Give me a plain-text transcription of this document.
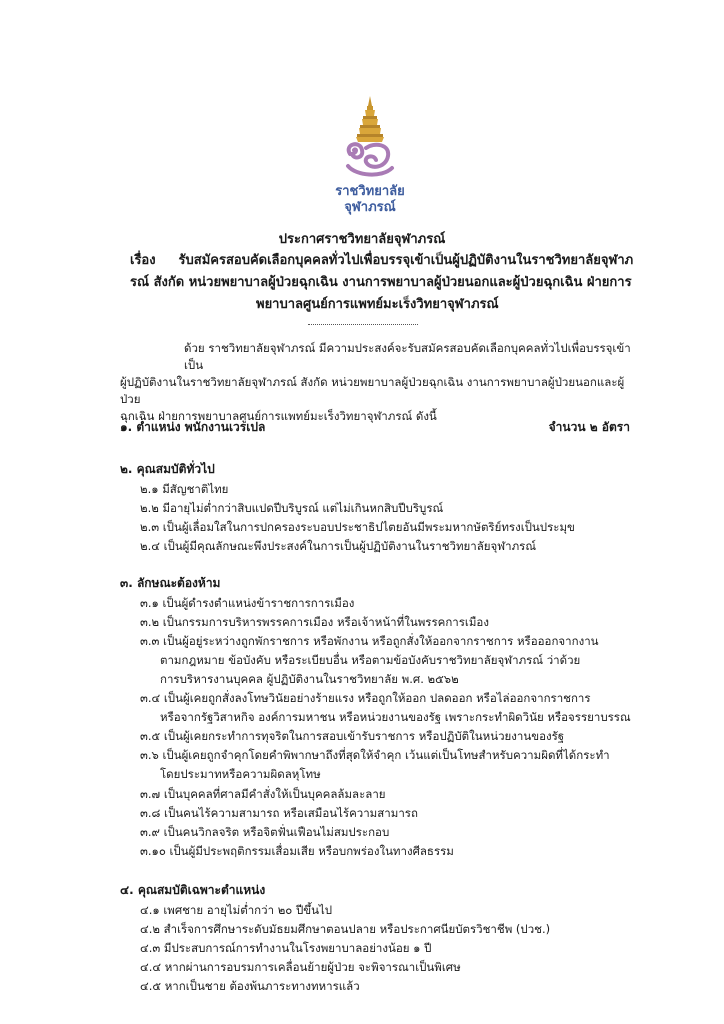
ราชวิทยาลัย
จุฬาภรณ์
ประกาศราชวิทยาลัยจุฬาภรณ์
เรื่อง รับสมัครสอบคัดเลือกบุคคลทั่วไปเพื่อบรรจุเข้าเป็นผู้ปฏิบัติงานในราชวิทยาลัยจุฬาภ
รณ์ สังกัด หน่วยพยาบาลผู้ป่วยฉุกเฉิน งานการพยาบาลผู้ป่วยนอกและผู้ป่วยฉุกเฉิน ฝ่ายการ
พยาบาลศูนย์การแพทย์มะเร็งวิทยาจุฬาภรณ์

ด้วย ราชวิทยาลัยจุฬาภรณ์ มีความประสงค์จะรับสมัครสอบคัดเลือกบุคคลทั่วไปเพื่อบรรจุเข้าเป็น

ผู้ปฏิบัติงานในราชวิทยาลัยจุฬาภรณ์ สังกัด หน่วยพยาบาลผู้ป่วยฉุกเฉิน งานการพยาบาลผู้ป่วยนอกและผู้ป่วย

ฉุกเฉิน ฝ่ายการพยาบาลศูนย์การแพทย์มะเร็งวิทยาจุฬาภรณ์ ดังนี้

๑. ตำแหน่ง พนักงานเวรเปล	จำนวน ๒ อัตรา
๒. คุณสมบัติทั่วไป
๒.๑ มีสัญชาติไทย
๒.๒ มีอายุไม่ต่ำกว่าสิบแปดปีบริบูรณ์ แต่ไม่เกินหกสิบปีบริบูรณ์
๒.๓ เป็นผู้เลื่อมใสในการปกครองระบอบประชาธิปไตยอันมีพระมหากษัตริย์ทรงเป็นประมุข
๒.๔ เป็นผู้มีคุณลักษณะพึงประสงค์ในการเป็นผู้ปฏิบัติงานในราชวิทยาลัยจุฬาภรณ์
๓. ลักษณะต้องห้าม
๓.๑ เป็นผู้ดำรงตำแหน่งข้าราชการการเมือง
๓.๒ เป็นกรรมการบริหารพรรคการเมือง หรือเจ้าหน้าที่ในพรรคการเมือง
๓.๓ เป็นผู้อยู่ระหว่างถูกพักราชการ หรือพักงาน หรือถูกสั่งให้ออกจากราชการ หรือออกจากงาน
ตามกฎหมาย ข้อบังคับ หรือระเบียบอื่น หรือตามข้อบังคับราชวิทยาลัยจุฬาภรณ์ ว่าด้วย
การบริหารงานบุคคล ผู้ปฏิบัติงานในราชวิทยาลัย พ.ศ. ๒๕๖๒
๓.๔ เป็นผู้เคยถูกสั่งลงโทษวินัยอย่างร้ายแรง หรือถูกให้ออก ปลดออก หรือไล่ออกจากราชการ
หรือจากรัฐวิสาหกิจ องค์การมหาชน หรือหน่วยงานของรัฐ เพราะกระทำผิดวินัย หรือจรรยาบรรณ
๓.๕ เป็นผู้เคยกระทำการทุจริตในการสอบเข้ารับราชการ หรือปฏิบัติในหน่วยงานของรัฐ
๓.๖ เป็นผู้เคยถูกจำคุกโดยคำพิพากษาถึงที่สุดให้จำคุก เว้นแต่เป็นโทษสำหรับความผิดที่ได้กระทำ
โดยประมาทหรือความผิดลหุโทษ
๓.๗ เป็นบุคคลที่ศาลมีคำสั่งให้เป็นบุคคลล้มละลาย
๓.๘ เป็นคนไร้ความสามารถ หรือเสมือนไร้ความสามารถ
๓.๙ เป็นคนวิกลจริต หรือจิตฟั่นเฟือนไม่สมประกอบ
๓.๑๐ เป็นผู้มีประพฤติกรรมเสื่อมเสีย หรือบกพร่องในทางศีลธรรม
๔. คุณสมบัติเฉพาะตำแหน่ง
๔.๑ เพศชาย อายุไม่ต่ำกว่า ๒๐ ปีขึ้นไป
๔.๒ สำเร็จการศึกษาระดับมัธยมศึกษาตอนปลาย หรือประกาศนียบัตรวิชาชีพ (ปวช.)
๔.๓ มีประสบการณ์การทำงานในโรงพยาบาลอย่างน้อย ๑ ปี
๔.๔ หากผ่านการอบรมการเคลื่อนย้ายผู้ป่วย จะพิจารณาเป็นพิเศษ
๔.๕ หากเป็นชาย ต้องพ้นภาระทางทหารแล้ว
